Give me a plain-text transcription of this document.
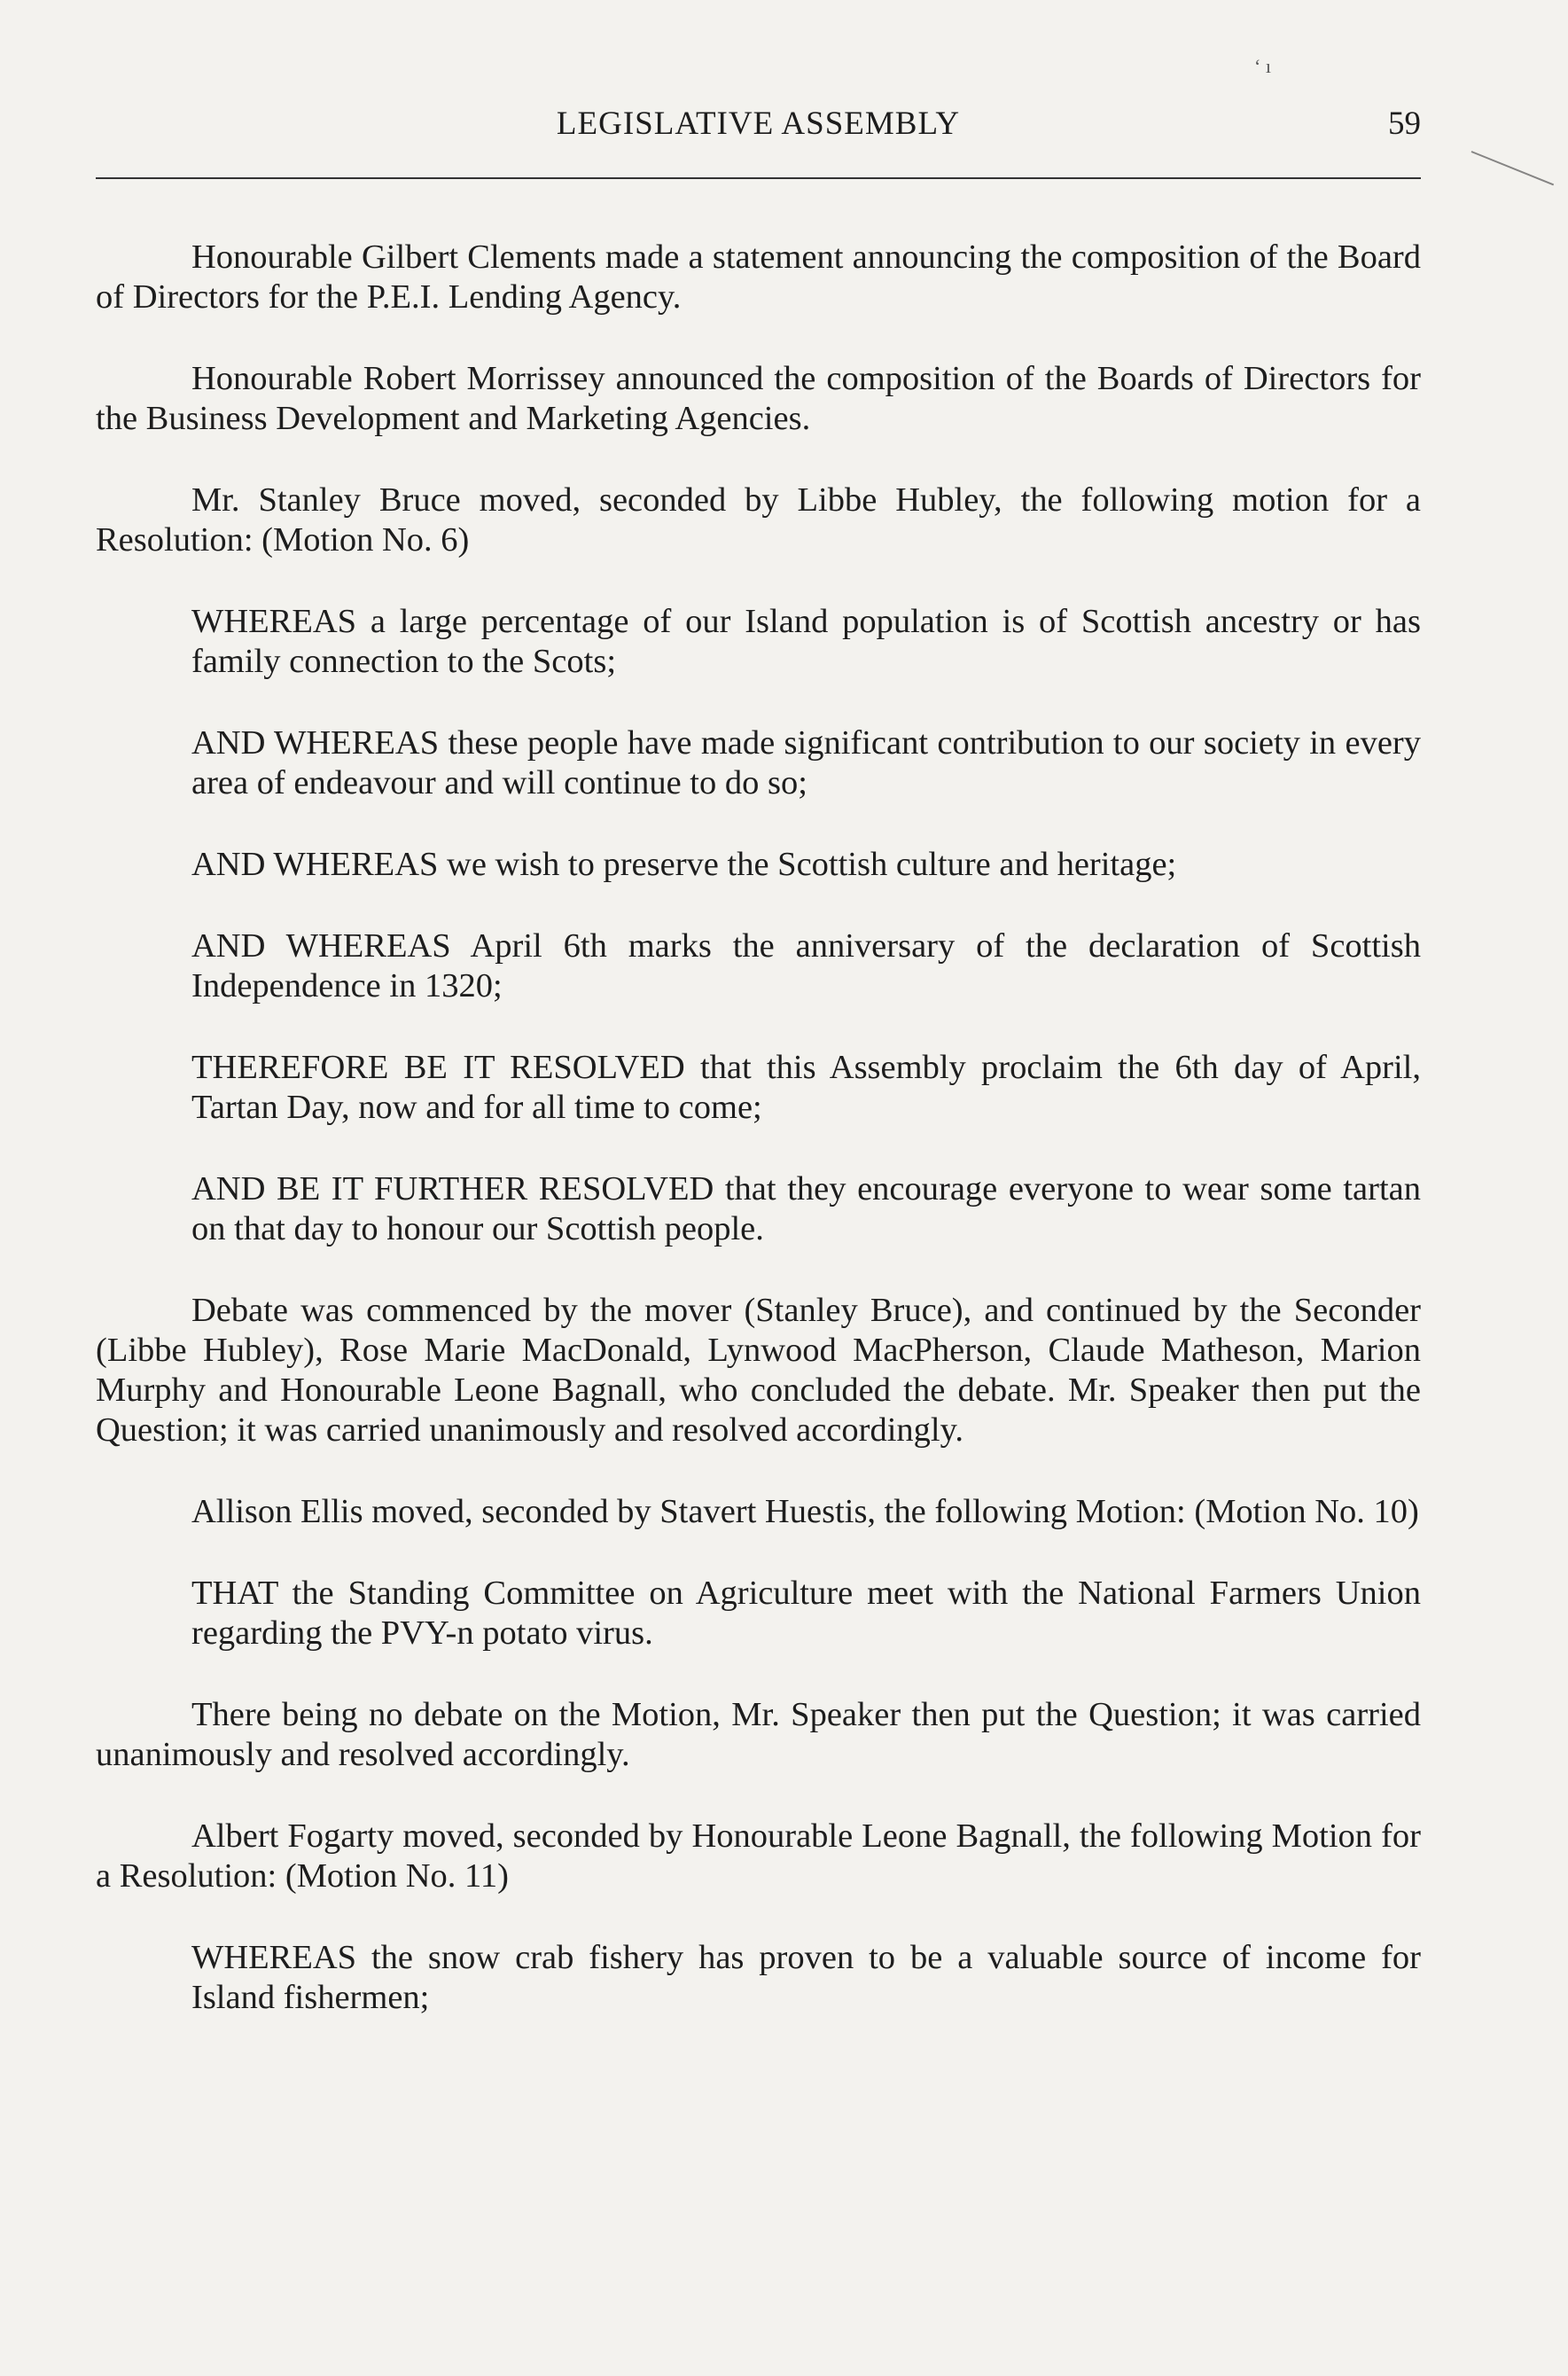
‘ ı
LEGISLATIVE ASSEMBLY	59

Honourable Gilbert Clements made a statement announcing the composition of the Board of Directors for the P.E.I. Lending Agency.

Honourable Robert Morrissey announced the composition of the Boards of Directors for the Business Development and Marketing Agencies.

Mr. Stanley Bruce moved, seconded by Libbe Hubley, the following motion for a Resolution: (Motion No. 6)

WHEREAS a large percentage of our Island population is of Scottish ancestry or has family connection to the Scots;

AND WHEREAS these people have made significant contribution to our society in every area of endeavour and will continue to do so;

AND WHEREAS we wish to preserve the Scottish culture and heritage;

AND WHEREAS April 6th marks the anniversary of the declaration of Scottish Independence in 1320;

THEREFORE BE IT RESOLVED that this Assembly proclaim the 6th day of April, Tartan Day, now and for all time to come;

AND BE IT FURTHER RESOLVED that they encourage everyone to wear some tartan on that day to honour our Scottish people.

Debate was commenced by the mover (Stanley Bruce), and continued by the Seconder (Libbe Hubley), Rose Marie MacDonald, Lynwood MacPherson, Claude Matheson, Marion Murphy and Honourable Leone Bagnall, who concluded the debate. Mr. Speaker then put the Question; it was carried unanimously and resolved accordingly.

Allison Ellis moved, seconded by Stavert Huestis, the following Motion: (Motion No. 10)

THAT the Standing Committee on Agriculture meet with the National Farmers Union regarding the PVY-n potato virus.

There being no debate on the Motion, Mr. Speaker then put the Question; it was carried unanimously and resolved accordingly.

Albert Fogarty moved, seconded by Honourable Leone Bagnall, the following Motion for a Resolution: (Motion No. 11)

WHEREAS the snow crab fishery has proven to be a valuable source of income for Island fishermen;
